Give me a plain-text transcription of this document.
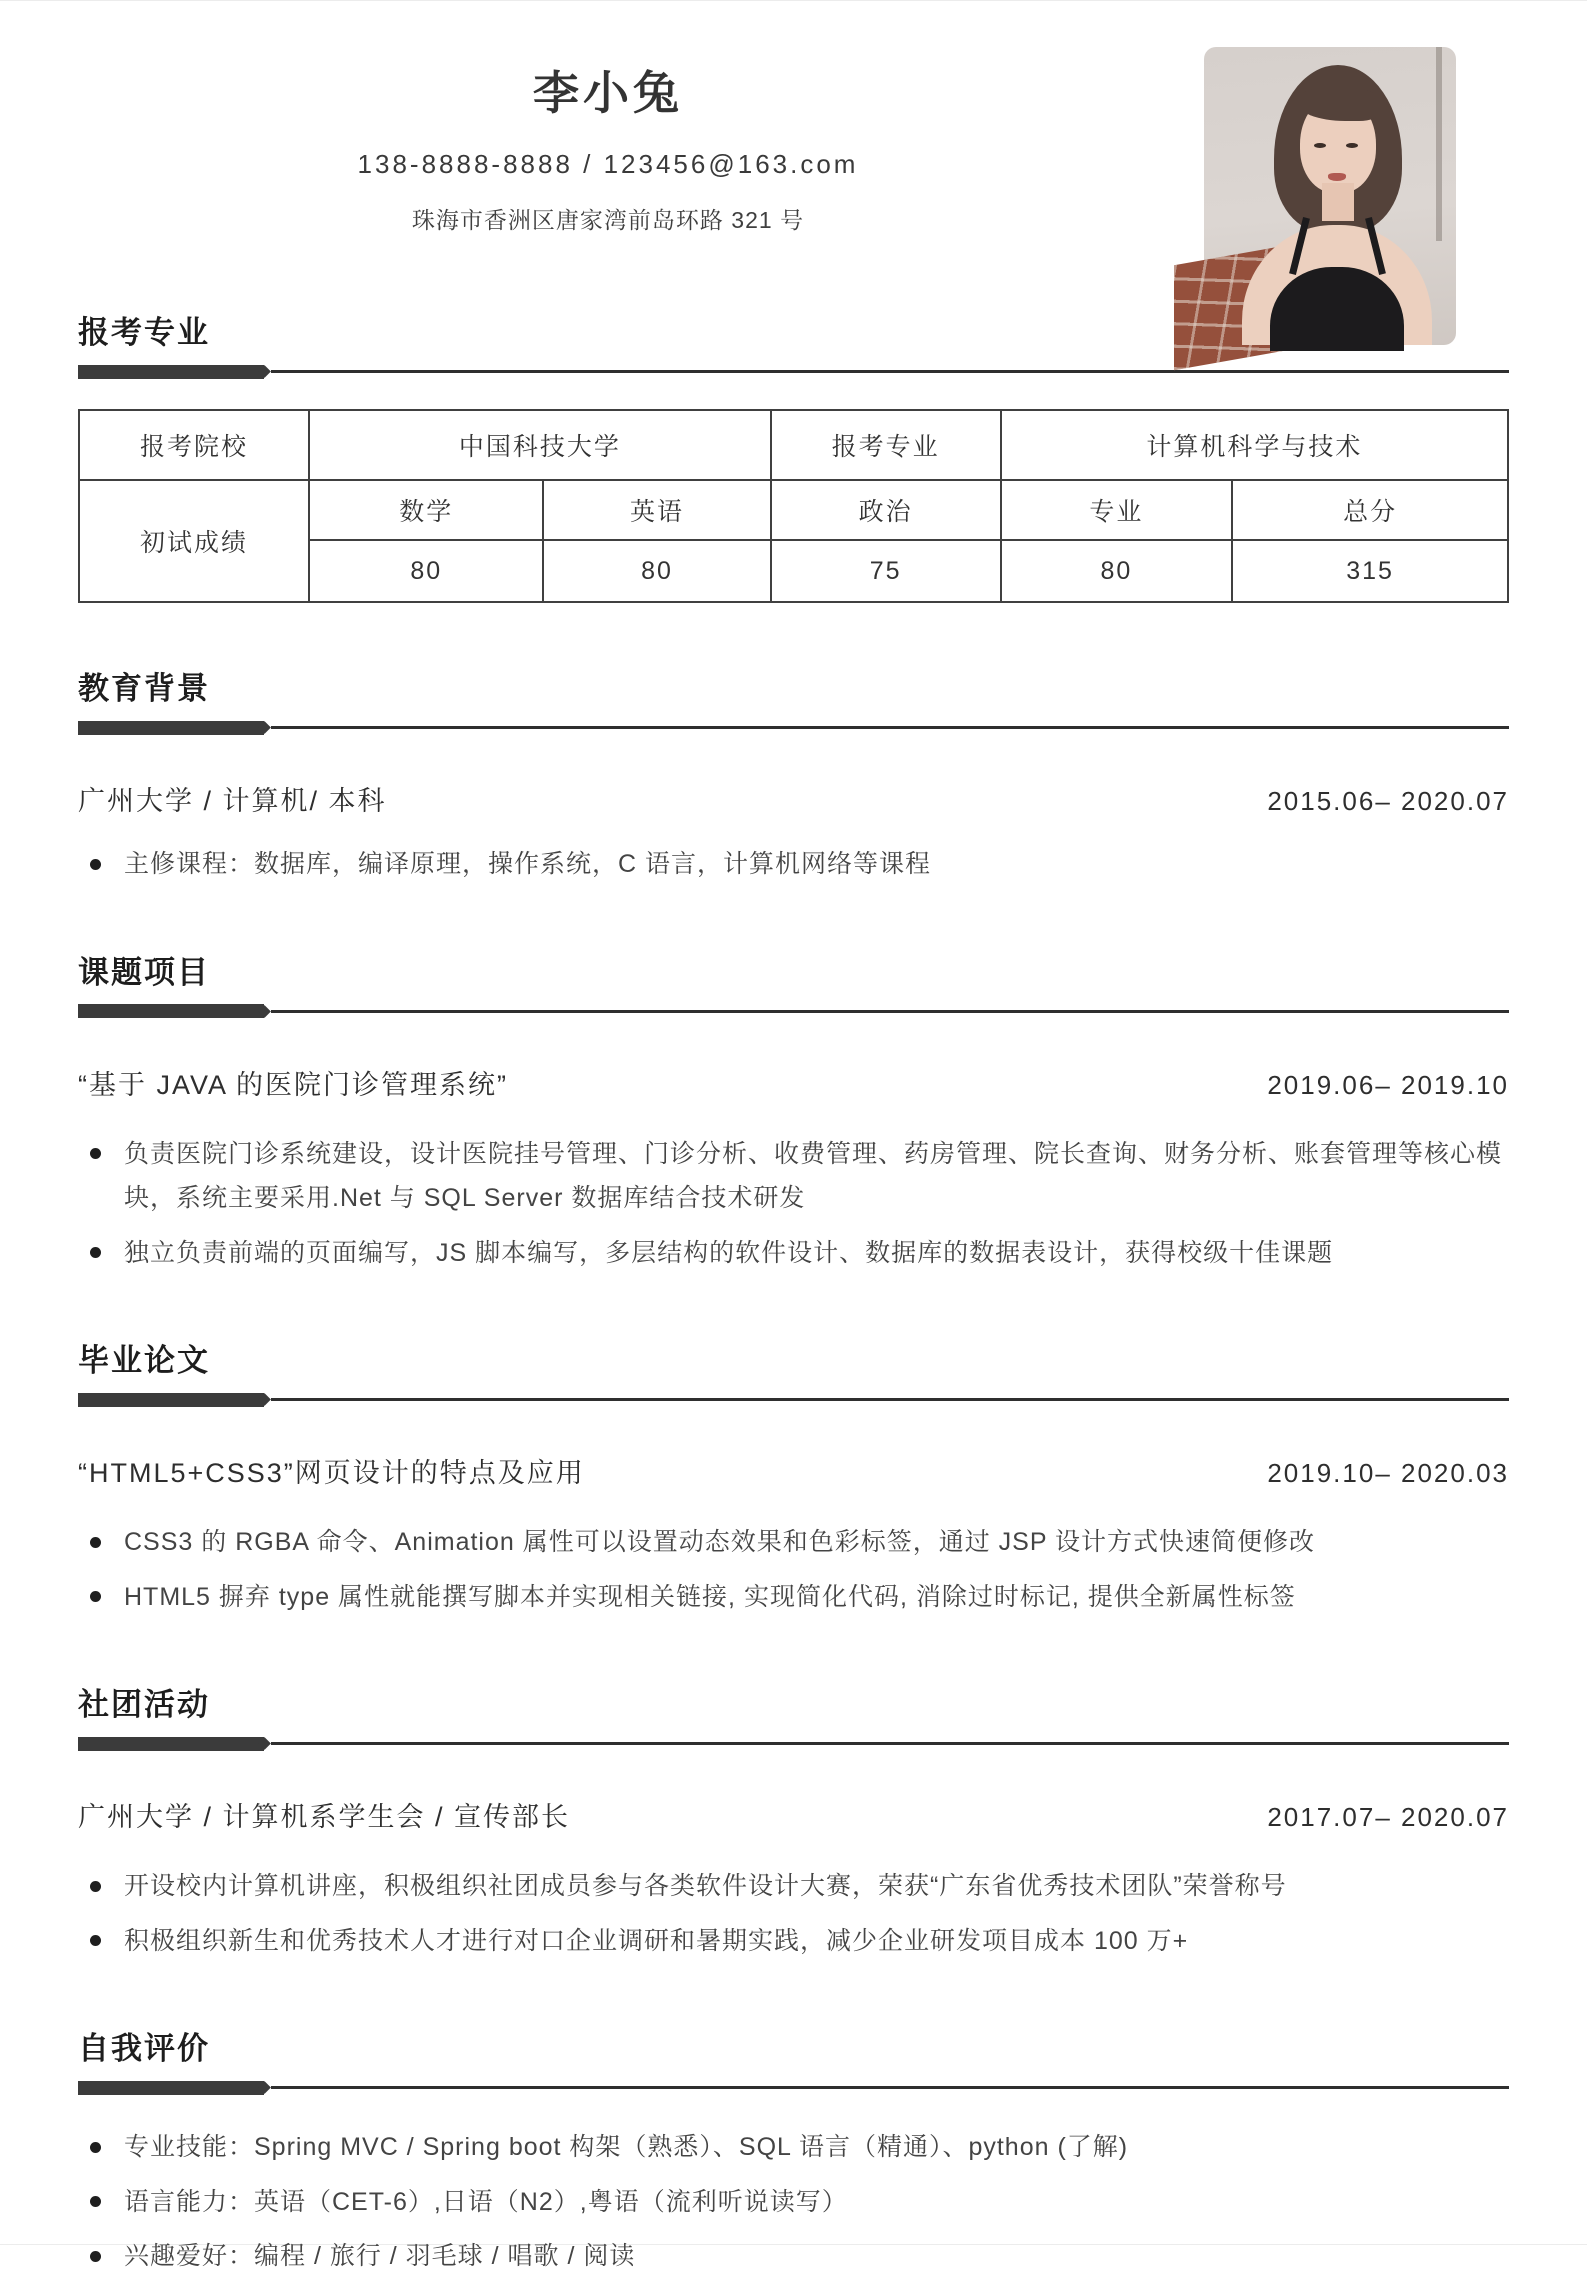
李小兔
138-8888-8888 / 123456@163.com
珠海市香洲区唐家湾前岛环路 321 号
报考专业
报考院校	中国科技大学		报考专业	计算机科学与技术	
初试成绩	数学	英语	政治	专业	总分
	80	80	75	80	315
教育背景
广州大学 / 计算机/ 本科	2015.06– 2020.07
主修课程：数据库，编译原理，操作系统，C 语言，计算机网络等课程
课题项目
“基于 JAVA 的医院门诊管理系统”	2019.06– 2019.10
负责医院门诊系统建设，设计医院挂号管理、门诊分析、收费管理、药房管理、院长查询、财务分析、账套管理等核心模块，系统主要采用.Net 与 SQL Server 数据库结合技术研发
独立负责前端的页面编写，JS 脚本编写，多层结构的软件设计、数据库的数据表设计，获得校级十佳课题
毕业论文
“HTML5+CSS3”网页设计的特点及应用	2019.10– 2020.03
CSS3 的 RGBA 命令、Animation 属性可以设置动态效果和色彩标签，通过 JSP 设计方式快速简便修改
HTML5 摒弃 type 属性就能撰写脚本并实现相关链接, 实现简化代码, 消除过时标记, 提供全新属性标签
社团活动
广州大学 / 计算机系学生会 / 宣传部长	2017.07– 2020.07
开设校内计算机讲座，积极组织社团成员参与各类软件设计大赛，荣获“广东省优秀技术团队”荣誉称号
积极组织新生和优秀技术人才进行对口企业调研和暑期实践，减少企业研发项目成本 100 万+
自我评价
专业技能：Spring MVC / Spring boot 构架（熟悉）、SQL 语言（精通）、python (了解)
语言能力：英语（CET-6）,日语（N2）,粤语（流利听说读写）
兴趣爱好：编程 / 旅行 / 羽毛球 / 唱歌 / 阅读
